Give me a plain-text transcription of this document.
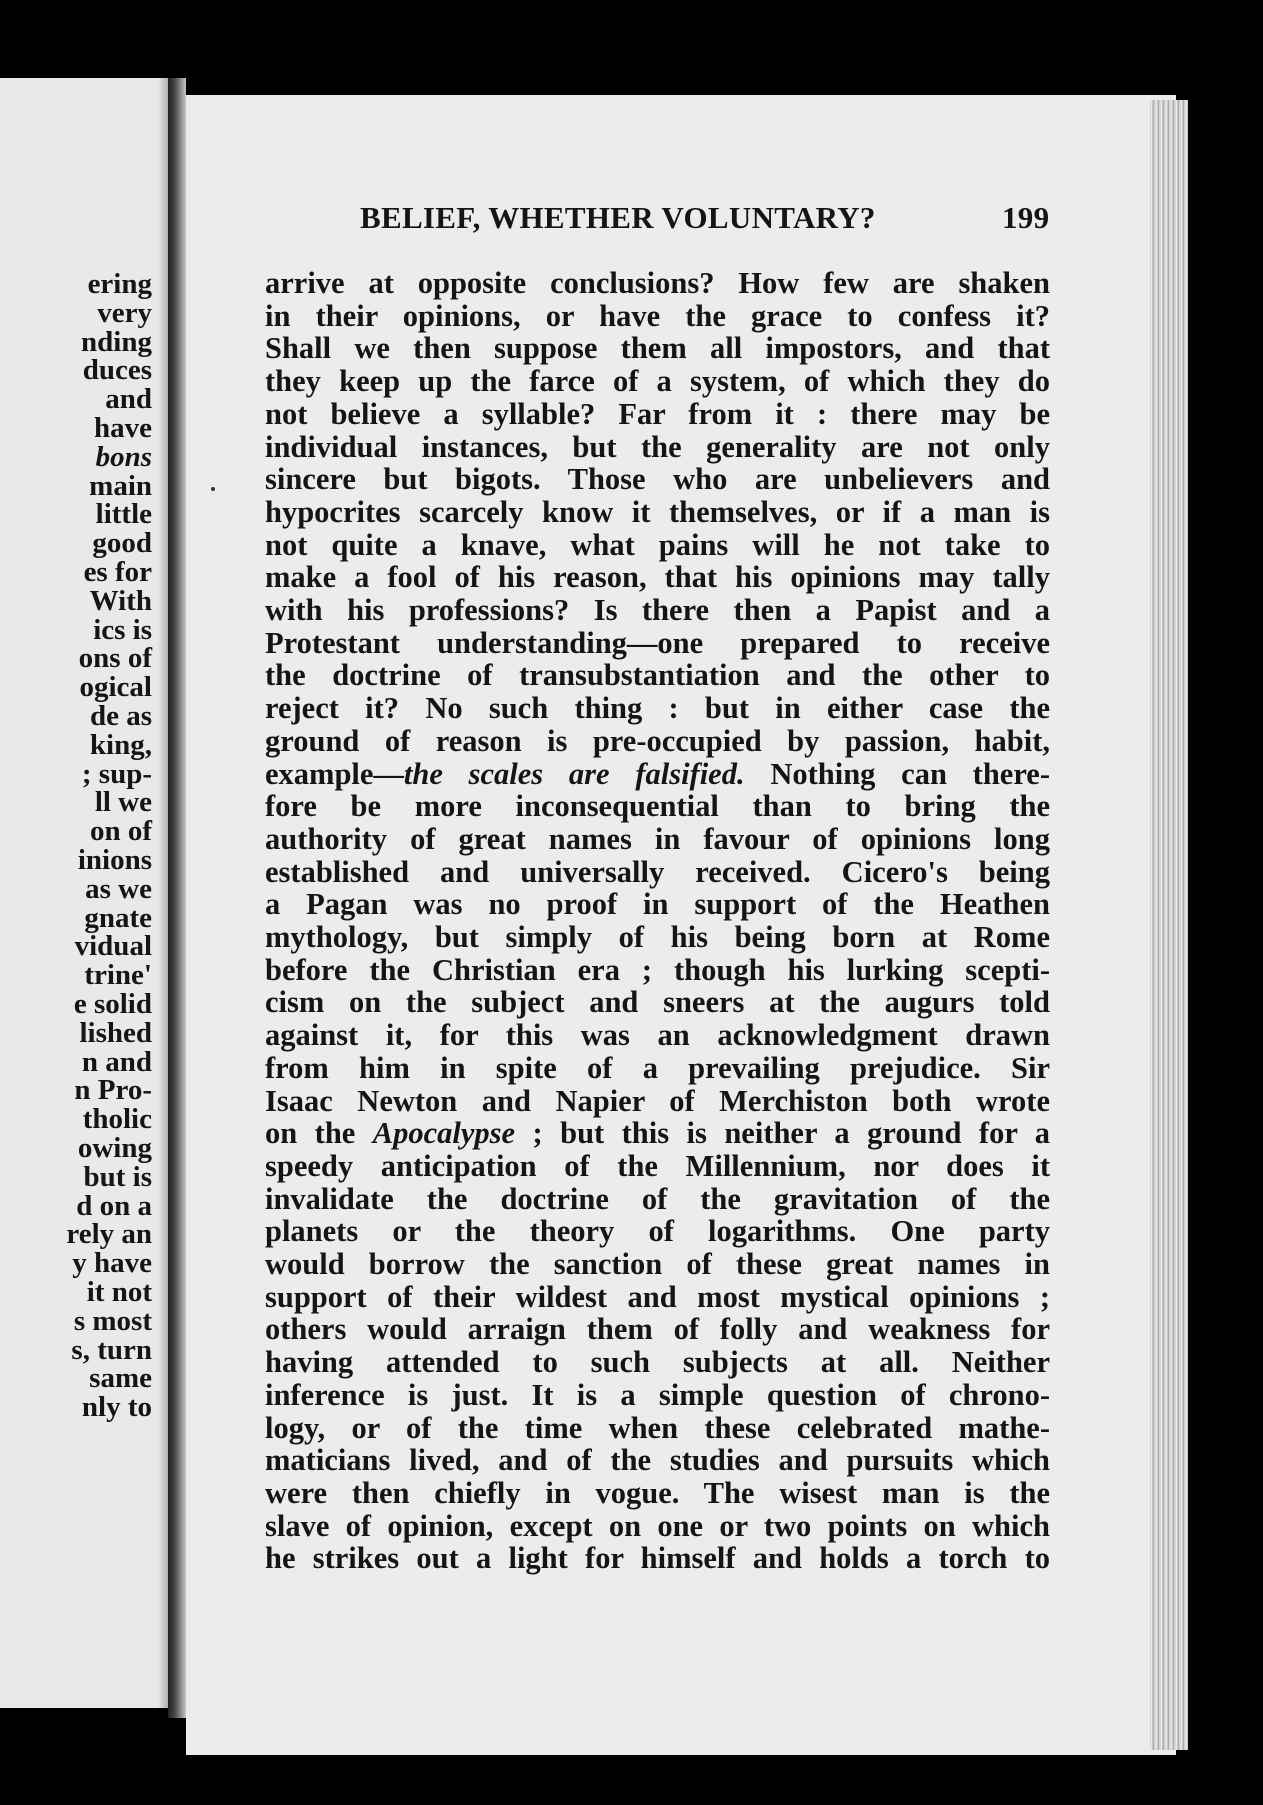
ering
very
nding
duces
and
have
bons
main
little
good
es for
With
ics is
ons of
ogical
de as
king,
; sup-
ll we
on of
inions
as we
gnate
vidual
trine'
e solid
lished
n and
n Pro-
tholic
owing
but is
d on a
rely an
y have
it not
s most
s, turn
same
nly to
BELIEF, WHETHER VOLUNTARY?	199
arrive at opposite conclusions? How few are shaken
in their opinions, or have the grace to confess it?
Shall we then suppose them all impostors, and that
they keep up the farce of a system, of which they do
not believe a syllable? Far from it : there may be
individual instances, but the generality are not only
sincere but bigots. Those who are unbelievers and
hypocrites scarcely know it themselves, or if a man is
not quite a knave, what pains will he not take to
make a fool of his reason, that his opinions may tally
with his professions? Is there then a Papist and a
Protestant understanding—one prepared to receive
the doctrine of transubstantiation and the other to
reject it? No such thing : but in either case the
ground of reason is pre-occupied by passion, habit,
example—the scales are falsified. Nothing can there-
fore be more inconsequential than to bring the
authority of great names in favour of opinions long
established and universally received. Cicero's being
a Pagan was no proof in support of the Heathen
mythology, but simply of his being born at Rome
before the Christian era ; though his lurking scepti-
cism on the subject and sneers at the augurs told
against it, for this was an acknowledgment drawn
from him in spite of a prevailing prejudice. Sir
Isaac Newton and Napier of Merchiston both wrote
on the Apocalypse ; but this is neither a ground for a
speedy anticipation of the Millennium, nor does it
invalidate the doctrine of the gravitation of the
planets or the theory of logarithms. One party
would borrow the sanction of these great names in
support of their wildest and most mystical opinions ;
others would arraign them of folly and weakness for
having attended to such subjects at all. Neither
inference is just. It is a simple question of chrono-
logy, or of the time when these celebrated mathe-
maticians lived, and of the studies and pursuits which
were then chiefly in vogue. The wisest man is the
slave of opinion, except on one or two points on which
he strikes out a light for himself and holds a torch to
